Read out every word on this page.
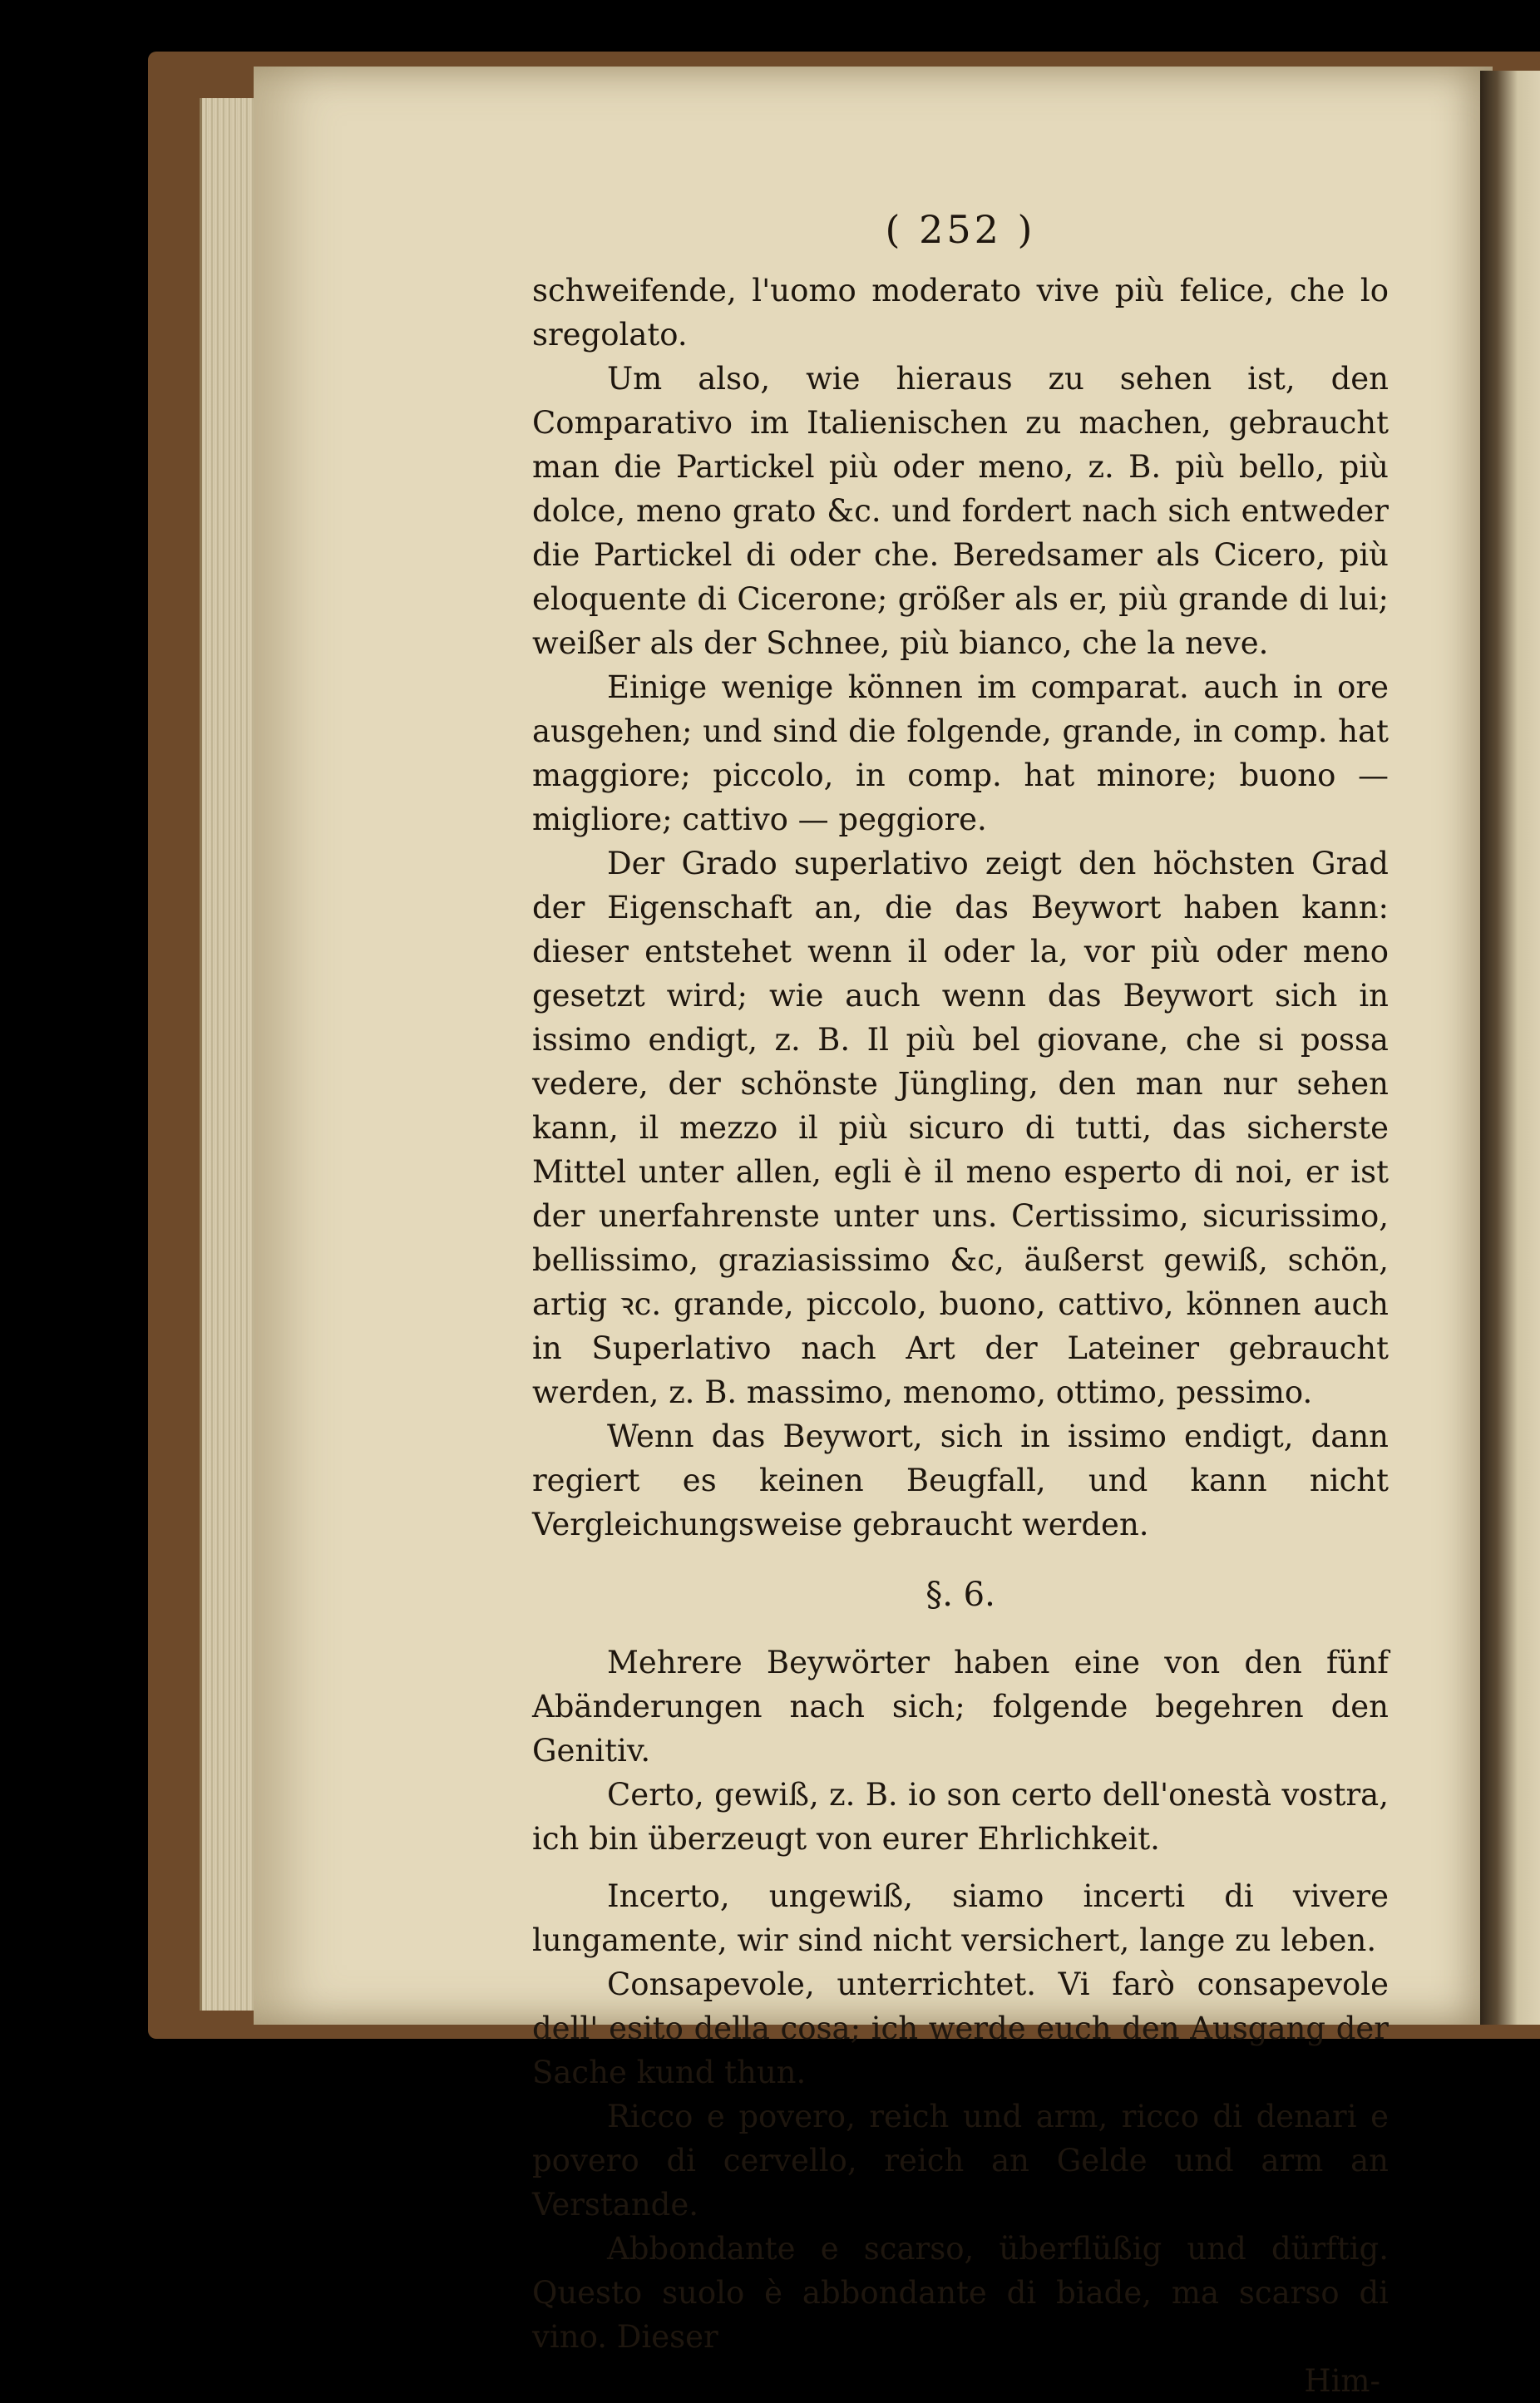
( 252 )

schweifende, l'uomo moderato vive più felice, che lo sregolato.

Um also, wie hieraus zu sehen ist, den Comparativo im Italienischen zu machen, gebraucht man die Partickel più oder meno, z. B. più bello, più dolce, meno grato &c. und fordert nach sich entweder die Partickel di oder che. Beredsamer als Cicero, più eloquente di Cicerone; größer als er, più grande di lui; weißer als der Schnee, più bianco, che la neve.

Einige wenige können im comparat. auch in ore ausgehen; und sind die folgende, grande, in comp. hat maggiore; piccolo, in comp. hat minore; buono — migliore; cattivo — peggiore.

Der Grado superlativo zeigt den höchsten Grad der Eigenschaft an, die das Beywort haben kann: dieser entstehet wenn il oder la, vor più oder meno gesetzt wird; wie auch wenn das Beywort sich in issimo endigt, z. B. Il più bel giovane, che si possa vedere, der schönste Jüngling, den man nur sehen kann, il mezzo il più sicuro di tutti, das sicherste Mittel unter allen, egli è il meno esperto di noi, er ist der unerfahrenste unter uns. Certissimo, sicurissimo, bellissimo, graziasissimo &c, äußerst gewiß, schön, artig ꝛc. grande, piccolo, buono, cattivo, können auch in Superlativo nach Art der Lateiner gebraucht werden, z. B. massimo, menomo, ottimo, pessimo.

Wenn das Beywort, sich in issimo endigt, dann regiert es keinen Beugfall, und kann nicht Vergleichungsweise gebraucht werden.

§. 6.

Mehrere Beywörter haben eine von den fünf Abänderungen nach sich; folgende begehren den Genitiv.

Certo, gewiß, z. B. io son certo dell'onestà vostra, ich bin überzeugt von eurer Ehrlichkeit.

Incerto, ungewiß, siamo incerti di vivere lungamente, wir sind nicht versichert, lange zu leben.

Consapevole, unterrichtet. Vi farò consapevole dell' esito della cosa; ich werde euch den Ausgang der Sache kund thun.

Ricco e povero, reich und arm, ricco di denari e povero di cervello, reich an Gelde und arm an Verstande.

Abbondante e scarso, überflüßig und dürftig. Questo suolo è abbondante di biade, ma scarso di vino. Dieser

Him-
